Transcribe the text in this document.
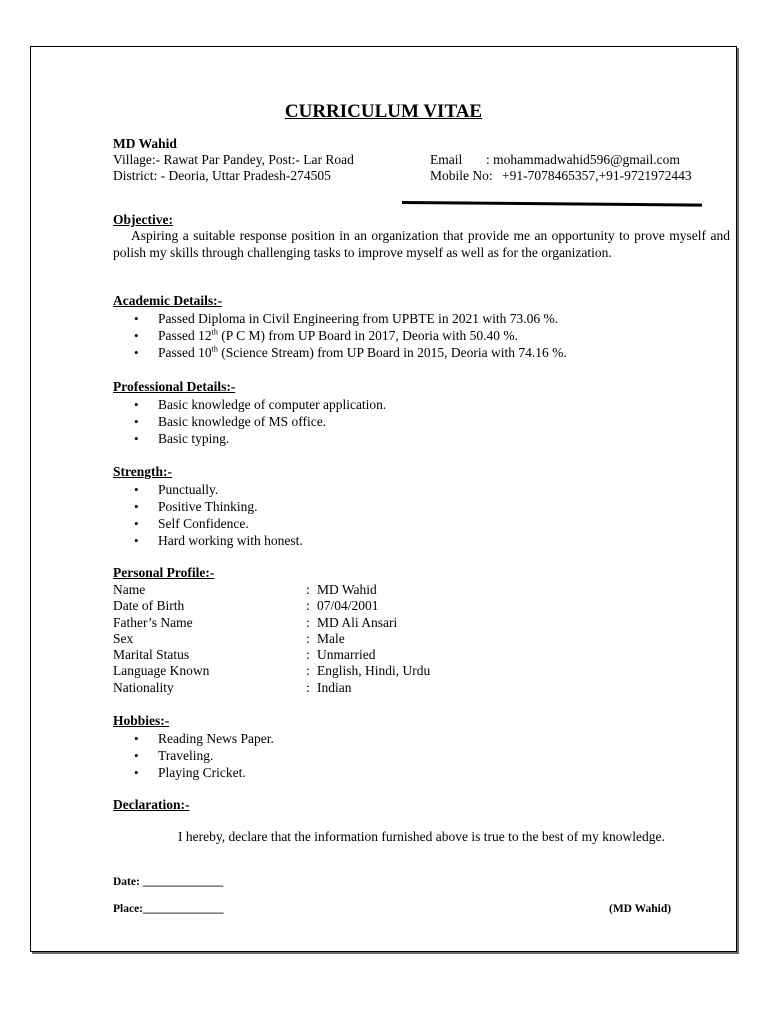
CURRICULUM VITAE
MD Wahid
Village:- Rawat Par Pandey, Post:- Lar Road
District: - Deoria, Uttar Pradesh-274505
Email : mohammadwahid596@gmail.com
Mobile No: +91-7078465357,+91-9721972443
Objective:
Aspiring a suitable response position in an organization that provide me an opportunity to prove myself and polish my skills through challenging tasks to improve myself as well as for the organization.
Academic Details:-
• Passed Diploma in Civil Engineering from UPBTE in 2021 with 73.06 %.
• Passed 12th (P C M) from UP Board in 2017, Deoria with 50.40 %.
• Passed 10th (Science Stream) from UP Board in 2015, Deoria with 74.16 %.
Professional Details:-
• Basic knowledge of computer application.
• Basic knowledge of MS office.
• Basic typing.
Strength:-
• Punctually.
• Positive Thinking.
• Self Confidence.
• Hard working with honest.
Personal Profile:-
Name	: MD Wahid
Date of Birth	: 07/04/2001
Father’s Name	: MD Ali Ansari
Sex	: Male
Marital Status	: Unmarried
Language Known	: English, Hindi, Urdu
Nationality	: Indian
Hobbies:-
• Reading News Paper.
• Traveling.
• Playing Cricket.
Declaration:-
I hereby, declare that the information furnished above is true to the best of my knowledge.
Date: ______________
Place:______________	(MD Wahid)
